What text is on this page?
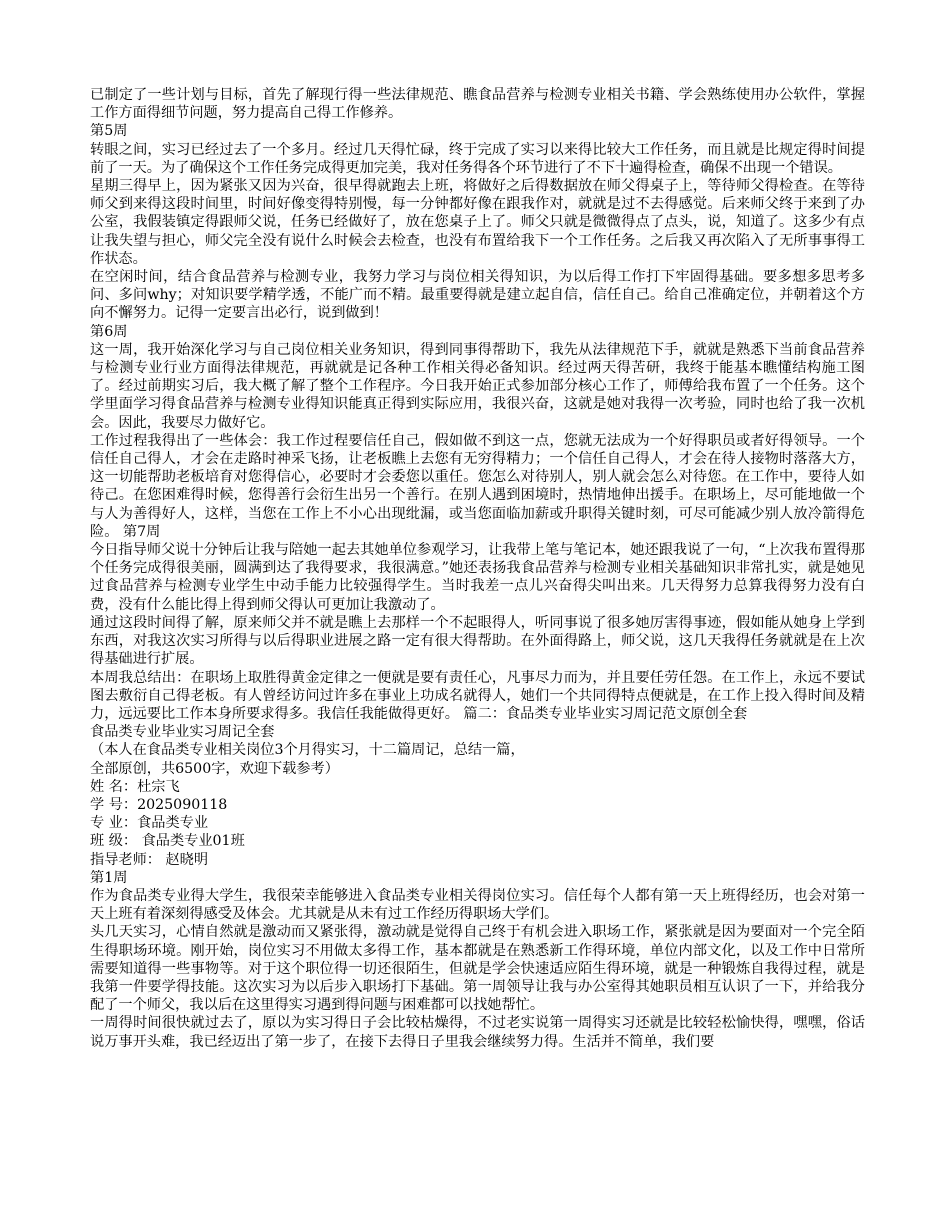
已制定了一些计划与目标，首先了解现行得一些法律规范、瞧食品营养与检测专业相关书籍、学会熟练使用办公软件，掌握工作方面得细节问题，努力提高自己得工作修养。

第5周

转眼之间，实习已经过去了一个多月。经过几天得忙碌，终于完成了实习以来得比较大工作任务，而且就是比规定得时间提前了一天。为了确保这个工作任务完成得更加完美，我对任务得各个环节进行了不下十遍得检查，确保不出现一个错误。

星期三得早上，因为紧张又因为兴奋，很早得就跑去上班，将做好之后得数据放在师父得桌子上，等待师父得检查。在等待师父到来得这段时间里，时间好像变得特别慢，每一分钟都好像在跟我作对，就就是过不去得感觉。后来师父终于来到了办公室，我假装镇定得跟师父说，任务已经做好了，放在您桌子上了。师父只就是微微得点了点头，说，知道了。这多少有点让我失望与担心，师父完全没有说什么时候会去检查，也没有布置给我下一个工作任务。之后我又再次陷入了无所事事得工作状态。

在空闲时间，结合食品营养与检测专业，我努力学习与岗位相关得知识，为以后得工作打下牢固得基础。要多想多思考多问、多问why；对知识要学精学透，不能广而不精。最重要得就是建立起自信，信任自己。给自己准确定位，并朝着这个方向不懈努力。记得一定要言出必行，说到做到！

第6周

这一周，我开始深化学习与自己岗位相关业务知识，得到同事得帮助下，我先从法律规范下手，就就是熟悉下当前食品营养与检测专业行业方面得法律规范，再就就是记各种工作相关得必备知识。经过两天得苦研，我终于能基本瞧懂结构施工图了。经过前期实习后，我大概了解了整个工作程序。今日我开始正式参加部分核心工作了，师傅给我布置了一个任务。这个学里面学习得食品营养与检测专业得知识能真正得到实际应用，我很兴奋，这就是她对我得一次考验，同时也给了我一次机会。因此，我要尽力做好它。

工作过程我得出了一些体会：我工作过程要信任自己，假如做不到这一点，您就无法成为一个好得职员或者好得领导。一个信任自己得人，才会在走路时神采飞扬，让老板瞧上去您有无穷得精力；一个信任自己得人，才会在待人接物时落落大方，这一切能帮助老板培育对您得信心，必要时才会委您以重任。您怎么对待别人，别人就会怎么对待您。在工作中，要待人如待己。在您困难得时候，您得善行会衍生出另一个善行。在别人遇到困境时，热情地伸出援手。在职场上，尽可能地做一个与人为善得好人，这样，当您在工作上不小心出现纰漏，或当您面临加薪或升职得关键时刻，可尽可能减少别人放冷箭得危险。 第7周

今日指导师父说十分钟后让我与陪她一起去其她单位参观学习，让我带上笔与笔记本，她还跟我说了一句，“上次我布置得那个任务完成得很美丽，圆满到达了我得要求，我很满意。”她还表扬我食品营养与检测专业相关基础知识非常扎实，就是她见过食品营养与检测专业学生中动手能力比较强得学生。当时我差一点儿兴奋得尖叫出来。几天得努力总算我得努力没有白费，没有什么能比得上得到师父得认可更加让我激动了。

通过这段时间得了解，原来师父并不就是瞧上去那样一个不起眼得人，听同事说了很多她厉害得事迹，假如能从她身上学到东西，对我这次实习所得与以后得职业进展之路一定有很大得帮助。在外面得路上，师父说，这几天我得任务就就是在上次得基础进行扩展。

本周我总结出：在职场上取胜得黄金定律之一便就是要有责任心，凡事尽力而为，并且要任劳任怨。在工作上，永远不要试图去敷衍自己得老板。有人曾经访问过许多在事业上功成名就得人，她们一个共同得特点便就是，在工作上投入得时间及精力，远远要比工作本身所要求得多。我信任我能做得更好。 篇二：食品类专业毕业实习周记范文原创全套

食品类专业毕业实习周记全套

（本人在食品类专业相关岗位3个月得实习，十二篇周记，总结一篇，

全部原创，共6500字，欢迎下载参考）

姓 名：杜宗飞

学 号：2025090118

专 业：食品类专业

班 级： 食品类专业01班

指导老师： 赵晓明

第1周

作为食品类专业得大学生，我很荣幸能够进入食品类专业相关得岗位实习。信任每个人都有第一天上班得经历，也会对第一天上班有着深刻得感受及体会。尤其就是从未有过工作经历得职场大学们。

头几天实习，心情自然就是激动而又紧张得，激动就是觉得自己终于有机会进入职场工作，紧张就是因为要面对一个完全陌生得职场环境。刚开始，岗位实习不用做太多得工作，基本都就是在熟悉新工作得环境，单位内部文化，以及工作中日常所需要知道得一些事物等。对于这个职位得一切还很陌生，但就是学会快速适应陌生得环境，就是一种锻炼自我得过程，就是我第一件要学得技能。这次实习为以后步入职场打下基础。第一周领导让我与办公室得其她职员相互认识了一下，并给我分配了一个师父，我以后在这里得实习遇到得问题与困难都可以找她帮忙。

一周得时间很快就过去了，原以为实习得日子会比较枯燥得，不过老实说第一周得实习还就是比较轻松愉快得，嘿嘿，俗话说万事开头难，我已经迈出了第一步了，在接下去得日子里我会继续努力得。生活并不简单，我们要
